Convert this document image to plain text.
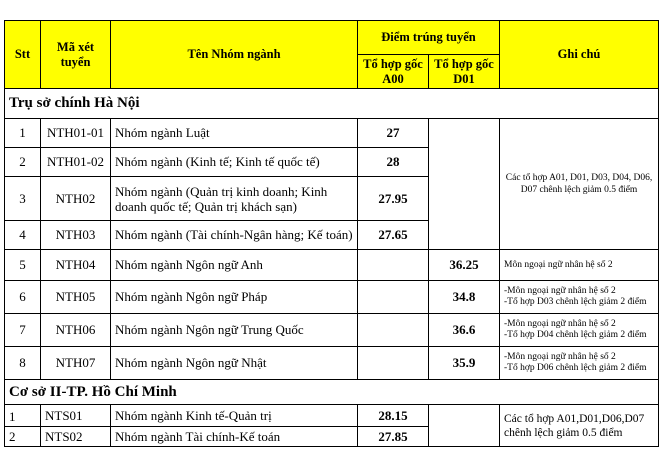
Stt	Mã xét tuyển	Tên Nhóm ngành	Điểm trúng tuyển		Ghi chú
			Tổ hợp gốc A00	Tổ hợp gốc D01	
Trụ sở chính Hà Nội					
1	NTH01-01	Nhóm ngành Luật	27		Các tổ hợp A01, D01, D03, D04, D06, D07 chênh lệch giảm 0.5 điểm
2	NTH01-02	Nhóm ngành (Kinh tế; Kinh tế quốc tế)	28		
3	NTH02	Nhóm ngành (Quản trị kinh doanh; Kinh doanh quốc tế; Quản trị khách sạn)	27.95		
4	NTH03	Nhóm ngành (Tài chính-Ngân hàng; Kế toán)	27.65		
5	NTH04	Nhóm ngành Ngôn ngữ Anh		36.25	Môn ngoại ngữ nhân hệ số 2
6	NTH05	Nhóm ngành Ngôn ngữ Pháp		34.8	-Môn ngoại ngữ nhân hệ số 2
-Tổ hợp D03 chênh lệch giảm 2 điểm

7	NTH06	Nhóm ngành Ngôn ngữ Trung Quốc		36.6	-Môn ngoại ngữ nhân hệ số 2
-Tổ hợp D04 chênh lệch giảm 2 điểm

8	NTH07	Nhóm ngành Ngôn ngữ Nhật		35.9	-Môn ngoại ngữ nhân hệ số 2
-Tổ hợp D06 chênh lệch giảm 2 điểm

Cơ sở II-TP. Hồ Chí Minh					
1	NTS01	Nhóm ngành Kinh tế-Quản trị	28.15		Các tổ hợp A01,D01,D06,D07
chênh lệch giảm 0.5 điểm

2	NTS02	Nhóm ngành Tài chính-Kế toán	27.85		
